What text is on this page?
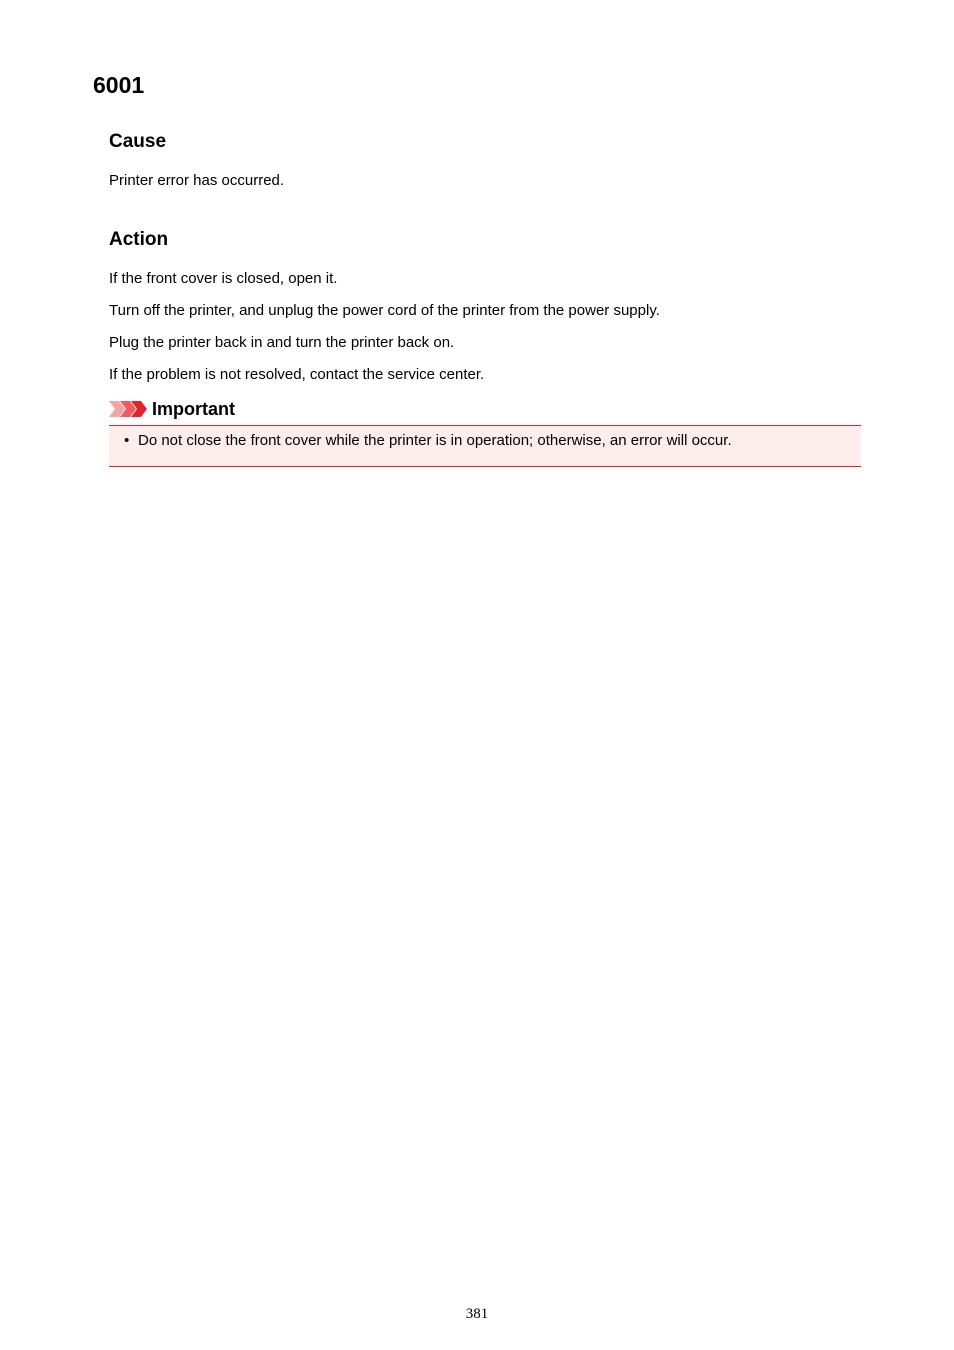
6001
Cause

Printer error has occurred.

Action

If the front cover is closed, open it.

Turn off the printer, and unplug the power cord of the printer from the power supply.

Plug the printer back in and turn the printer back on.

If the problem is not resolved, contact the service center.

Important
• Do not close the front cover while the printer is in operation; otherwise, an error will occur.
381
